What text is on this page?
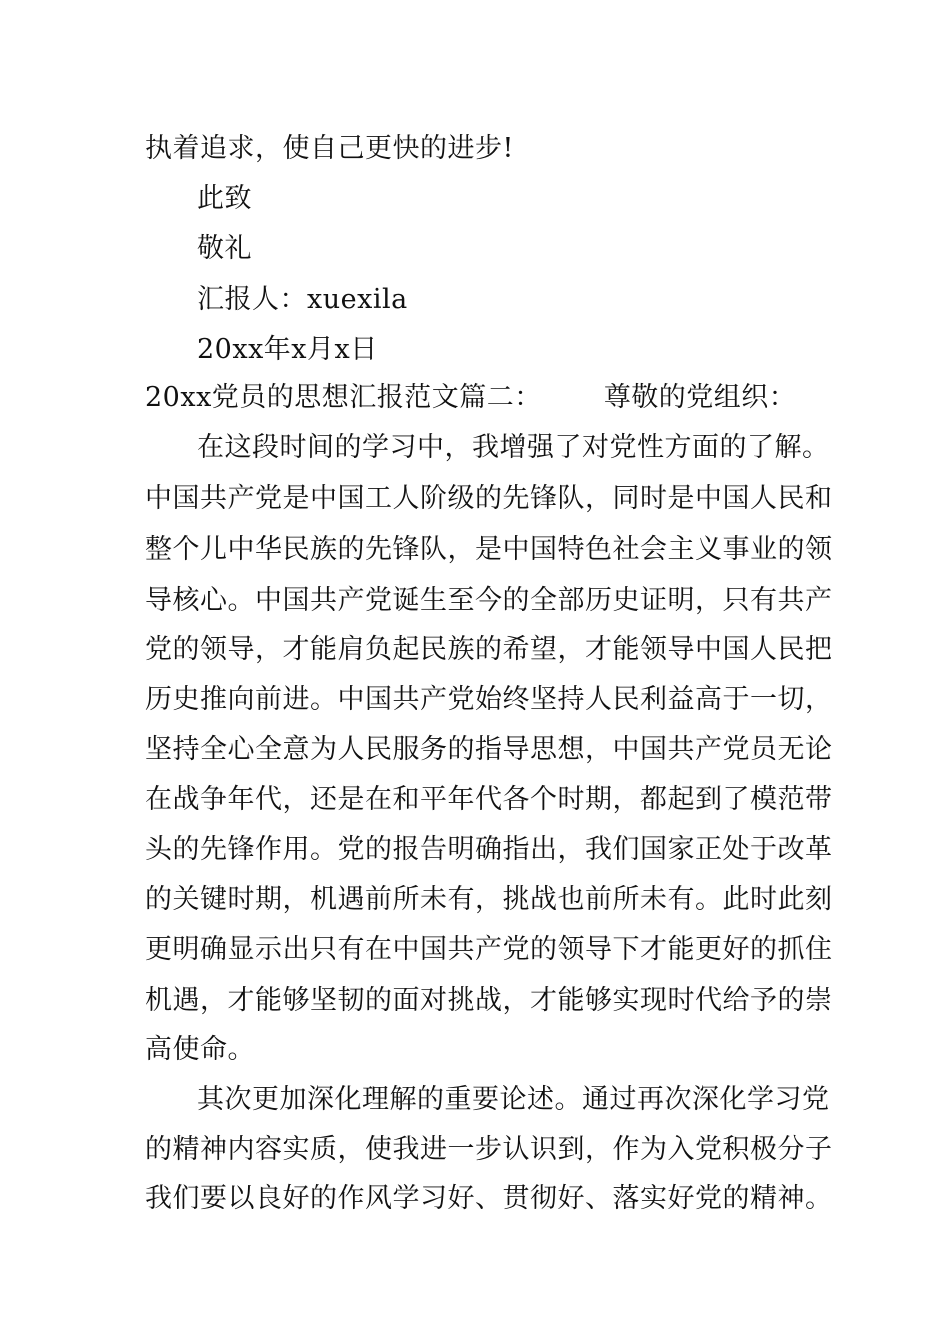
执着追求，使自己更快的进步!
此致
敬礼
汇报人：xuexila
20xx年x月x日
20xx党员的思想汇报范文篇二： 尊敬的党组织：
在这段时间的学习中，我增强了对党性方面的了解。
中国共产党是中国工人阶级的先锋队，同时是中国人民和
整个儿中华民族的先锋队，是中国特色社会主义事业的领
导核心。中国共产党诞生至今的全部历史证明，只有共产
党的领导，才能肩负起民族的希望，才能领导中国人民把
历史推向前进。中国共产党始终坚持人民利益高于一切，
坚持全心全意为人民服务的指导思想，中国共产党员无论
在战争年代，还是在和平年代各个时期，都起到了模范带
头的先锋作用。党的报告明确指出，我们国家正处于改革
的关键时期，机遇前所未有，挑战也前所未有。此时此刻
更明确显示出只有在中国共产党的领导下才能更好的抓住
机遇，才能够坚韧的面对挑战，才能够实现时代给予的崇
高使命。
其次更加深化理解的重要论述。通过再次深化学习党
的精神内容实质，使我进一步认识到，作为入党积极分子
我们要以良好的作风学习好、贯彻好、落实好党的精神。
